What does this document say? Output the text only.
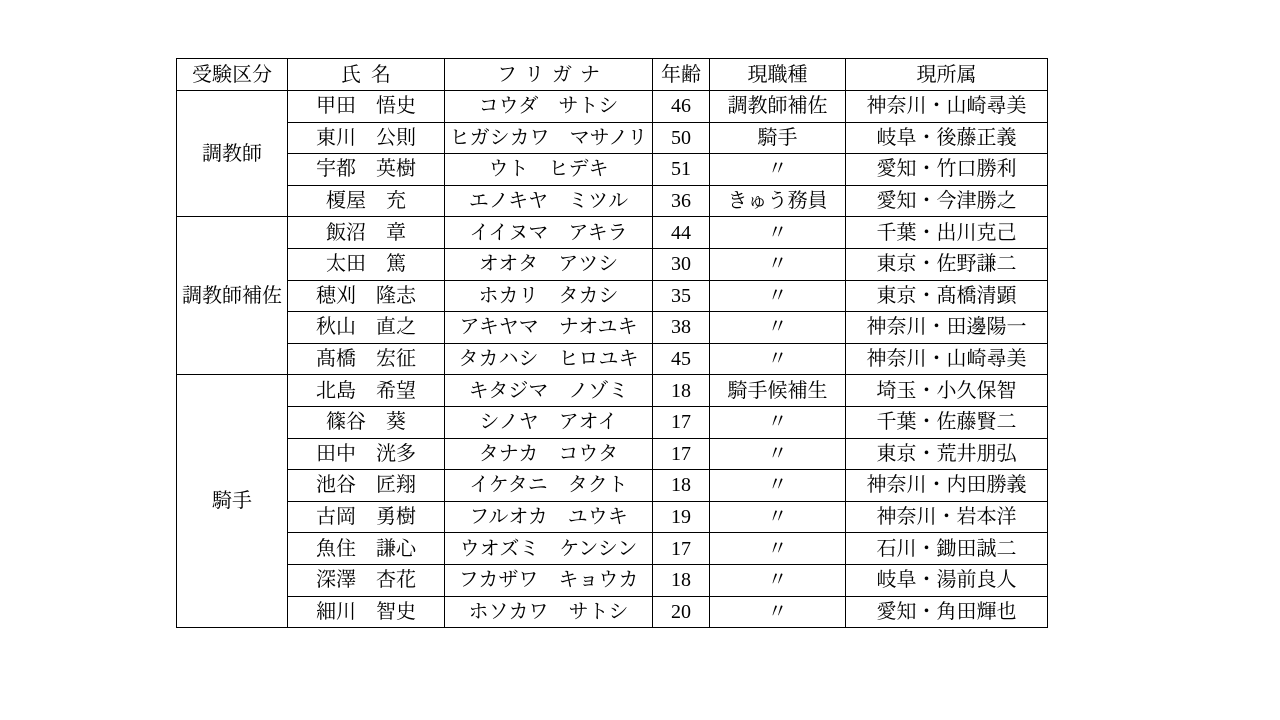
受験区分	氏名	フリガナ	年齢	現職種	現所属
調教師	甲田　悟史	コウダ　サトシ	46	調教師補佐	神奈川・山崎尋美
	東川　公則	ヒガシカワ　マサノリ	50	騎手	岐阜・後藤正義
	宇都　英樹	ウト　ヒデキ	51	〃	愛知・竹口勝利
	榎屋　充	エノキヤ　ミツル	36	きゅう務員	愛知・今津勝之
調教師補佐	飯沼　章	イイヌマ　アキラ	44	〃	千葉・出川克己
	太田　篤	オオタ　アツシ	30	〃	東京・佐野謙二
	穂刈　隆志	ホカリ　タカシ	35	〃	東京・髙橋清顕
	秋山　直之	アキヤマ　ナオユキ	38	〃	神奈川・田邊陽一
	髙橋　宏征	タカハシ　ヒロユキ	45	〃	神奈川・山崎尋美
騎手	北島　希望	キタジマ　ノゾミ	18	騎手候補生	埼玉・小久保智
	篠谷　葵	シノヤ　アオイ	17	〃	千葉・佐藤賢二
	田中　洸多	タナカ　コウタ	17	〃	東京・荒井朋弘
	池谷　匠翔	イケタニ　タクト	18	〃	神奈川・内田勝義
	古岡　勇樹	フルオカ　ユウキ	19	〃	神奈川・岩本洋
	魚住　謙心	ウオズミ　ケンシン	17	〃	石川・鋤田誠二
	深澤　杏花	フカザワ　キョウカ	18	〃	岐阜・湯前良人
	細川　智史	ホソカワ　サトシ	20	〃	愛知・角田輝也
